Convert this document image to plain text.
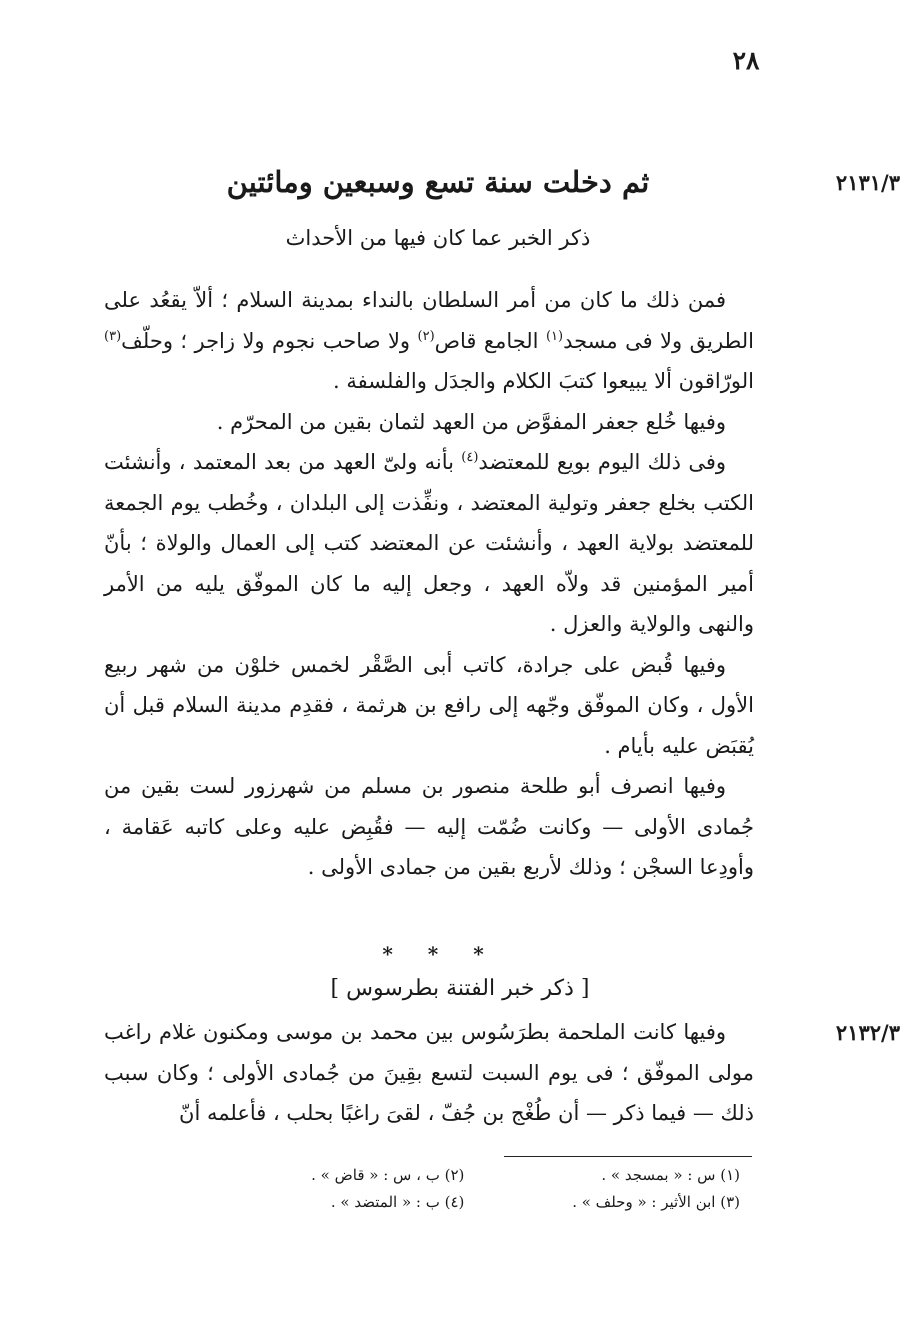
٢٨
٢١٣١/٣
ثم دخلت سنة تسع وسبعين ومائتين
ذكر الخبر عما كان فيها من الأحداث

فمن ذلك ما كان من أمر السلطان بالنداء بمدينة السلام ؛ ألاّ يقعُد على الطريق ولا فى مسجد$^{(١)}$ الجامع قاص$^{(٢)}$ ولا صاحب نجوم ولا زاجر ؛ وحلّف$^{(٣)}$ الورّاقون ألا يبيعوا كتبَ الكلام والجدَل والفلسفة .

وفيها خُلع جعفر المفوَّض من العهد لثمان بقين من المحرّم .

وفى ذلك اليوم بويع للمعتضد$^{(٤)}$ بأنه ولىّ العهد من بعد المعتمد ، وأنشئت الكتب بخلع جعفر وتولية المعتضد ، ونفِّذت إلى البلدان ، وخُطب يوم الجمعة للمعتضد بولاية العهد ، وأنشئت عن المعتضد كتب إلى العمال والولاة ؛ بأنّ أمير المؤمنين قد ولاّه العهد ، وجعل إليه ما كان الموفّق يليه من الأمر والنهى والولاية والعزل .

وفيها قُبض على جرادة، كاتب أبى الصَّقْر لخمس خلوْن من شهر ربيع الأول ، وكان الموفّق وجّهه إلى رافع بن هرثمة ، فقدِم مدينة السلام قبل أن يُقبَض عليه بأيام .

وفيها انصرف أبو طلحة منصور بن مسلم من شهرزور لست بقين من جُمادى الأولى — وكانت ضُمّت إليه — فقُبِض عليه وعلى كاتبه عَقامة ، وأودِعا السجْن ؛ وذلك لأربع بقين من جمادى الأولى .

* * *
[ ذكر خبر الفتنة بطرسوس ]
٢١٣٢/٣

وفيها كانت الملحمة بطرَسُوس بين محمد بن موسى ومكنون غلام راغب مولى الموفّق ؛ فى يوم السبت لتسع بقِينَ من جُمادى الأولى ؛ وكان سبب ذلك — فيما ذكر — أن طُغْج بن جُفّ ، لقىَ راغبًا بحلب ، فأعلمه أنّ

(١) س : « بمسجد » .
(٢) ب ، س : « قاض » .
(٣) ابن الأثير : « وحلف » .
(٤) ب : « المتضد » .
